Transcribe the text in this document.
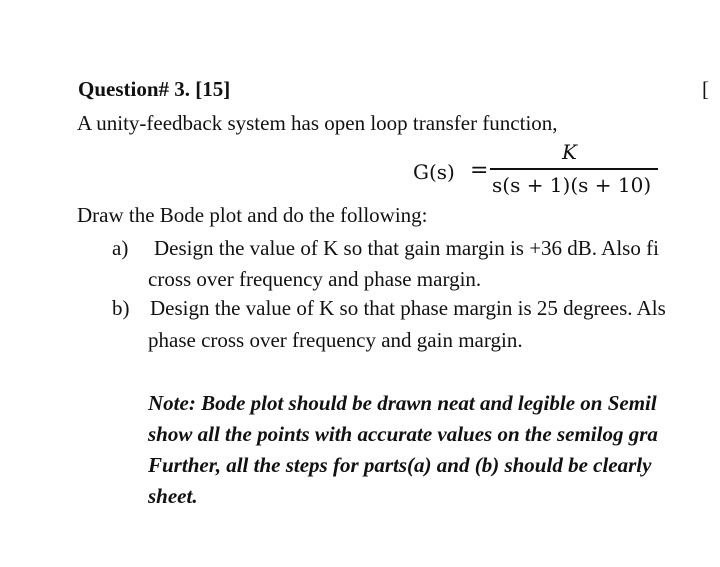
Question# 3. [15]	[
A unity-feedback system has open loop transfer function,
G(s) =
K
s(s + 1)(s + 10)
Draw the Bode plot and do the following:
a) Design the value of K so that gain margin is +36 dB. Also fi
cross over frequency and phase margin.
b) Design the value of K so that phase margin is 25 degrees. Als
phase cross over frequency and gain margin.
Note: Bode plot should be drawn neat and legible on Semil
show all the points with accurate values on the semilog gra
Further, all the steps for parts(a) and (b) should be clearly
sheet.
